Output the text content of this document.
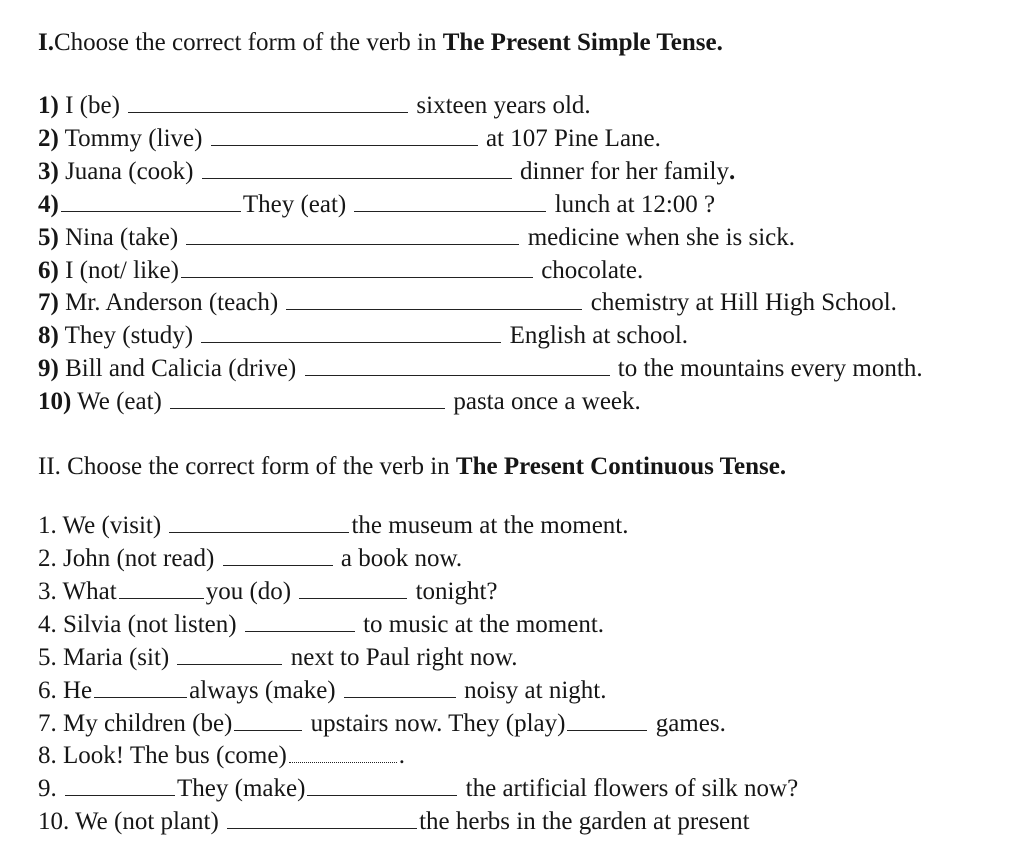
I.Choose the correct form of the verb in The Present Simple Tense.
1) I (be)	sixteen years old.
2) Tommy (live)	at 107 Pine Lane.
3) Juana (cook)	dinner for her family.
4)	They (eat)	lunch at 12:00 ?
5) Nina (take)	medicine when she is sick.
6) I (not/ like)	chocolate.
7) Mr. Anderson (teach)	chemistry at Hill High School.
8) They (study)	English at school.
9) Bill and Calicia (drive)	to the mountains every month.
10) We (eat)	pasta once a week.
II. Choose the correct form of the verb in The Present Continuous Tense.
1. We (visit)	the museum at the moment.
2. John (not read)	a book now.
3. What	you (do)	tonight?
4. Silvia (not listen)	to music at the moment.
5. Maria (sit)	next to Paul right now.
6. He	always (make)	noisy at night.
7. My children (be)	upstairs now. They (play)	games.
8. Look! The bus (come)	.
9.	They (make)	the artificial flowers of silk now?
10. We (not plant)	the herbs in the garden at present
